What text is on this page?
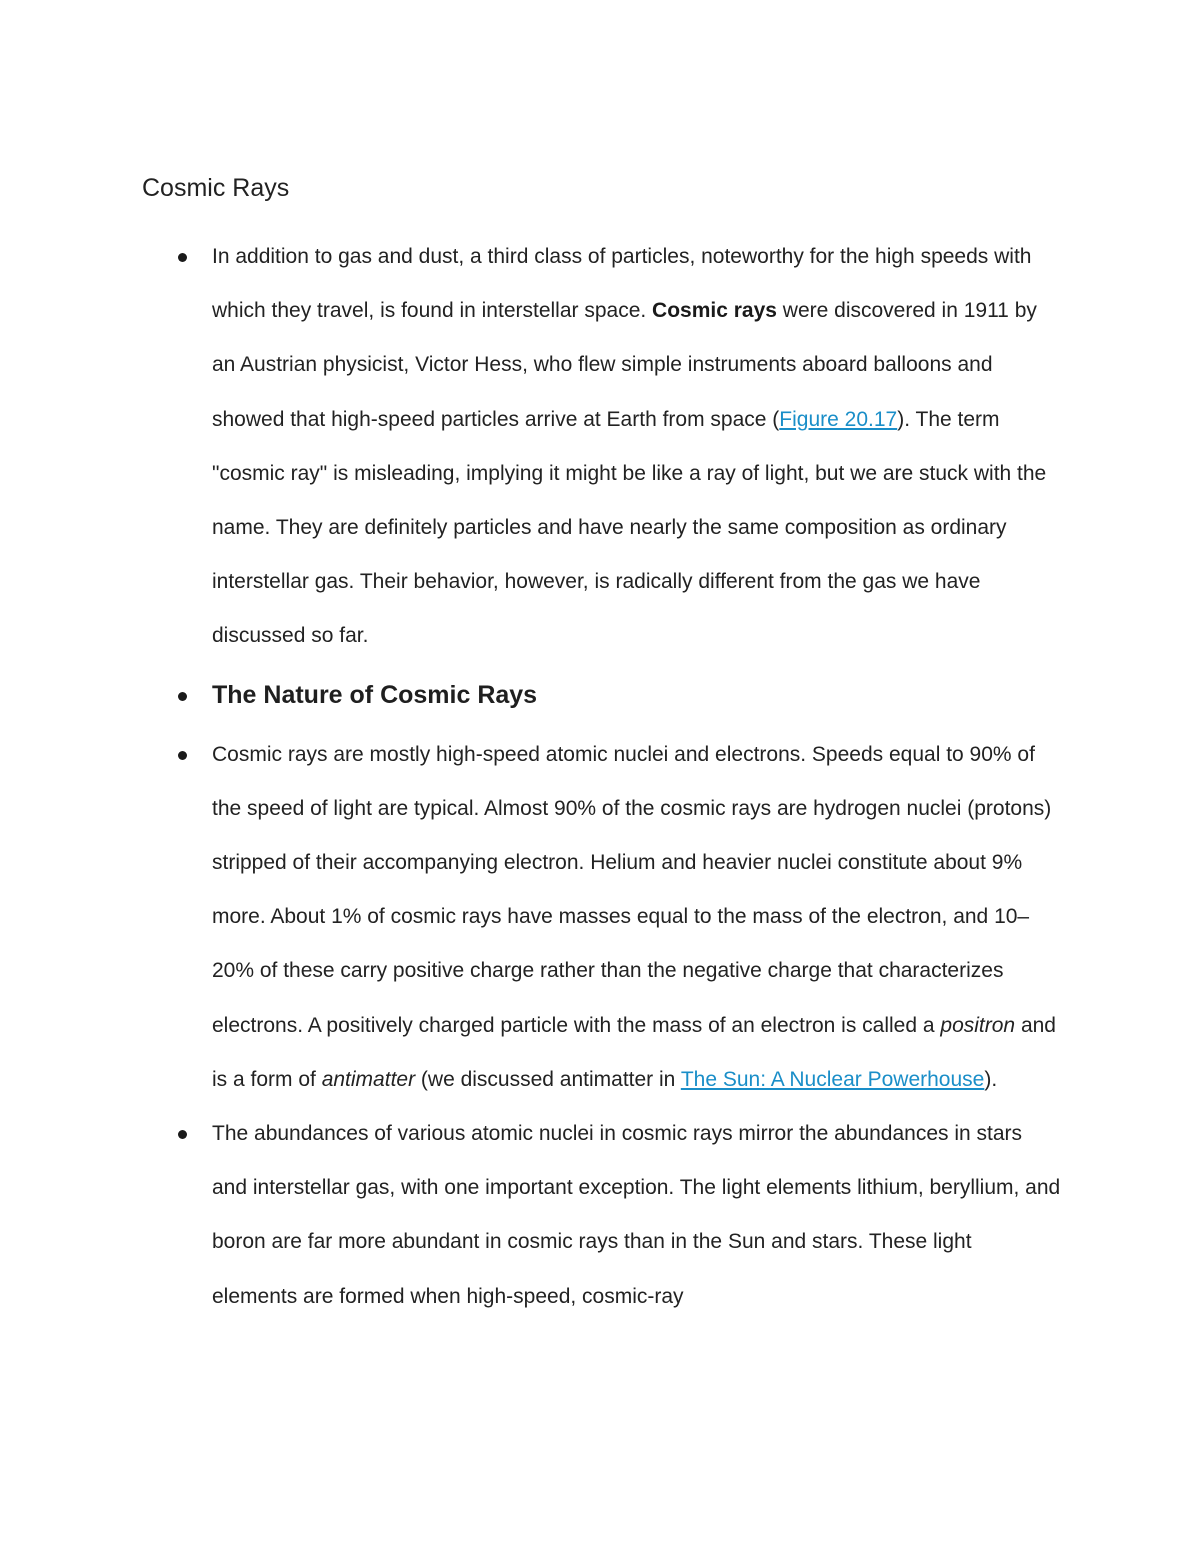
Cosmic Rays
In addition to gas and dust, a third class of particles, noteworthy for the high speeds with which they travel, is found in interstellar space. Cosmic rays were discovered in 1911 by an Austrian physicist, Victor Hess, who flew simple instruments aboard balloons and showed that high-speed particles arrive at Earth from space (Figure 20.17). The term "cosmic ray" is misleading, implying it might be like a ray of light, but we are stuck with the name. They are definitely particles and have nearly the same composition as ordinary interstellar gas. Their behavior, however, is radically different from the gas we have discussed so far.
The Nature of Cosmic Rays
Cosmic rays are mostly high-speed atomic nuclei and electrons. Speeds equal to 90% of the speed of light are typical. Almost 90% of the cosmic rays are hydrogen nuclei (protons) stripped of their accompanying electron. Helium and heavier nuclei constitute about 9% more. About 1% of cosmic rays have masses equal to the mass of the electron, and 10–20% of these carry positive charge rather than the negative charge that characterizes electrons. A positively charged particle with the mass of an electron is called a positron and is a form of antimatter (we discussed antimatter in The Sun: A Nuclear Powerhouse).
The abundances of various atomic nuclei in cosmic rays mirror the abundances in stars and interstellar gas, with one important exception. The light elements lithium, beryllium, and boron are far more abundant in cosmic rays than in the Sun and stars. These light elements are formed when high-speed, cosmic-ray
